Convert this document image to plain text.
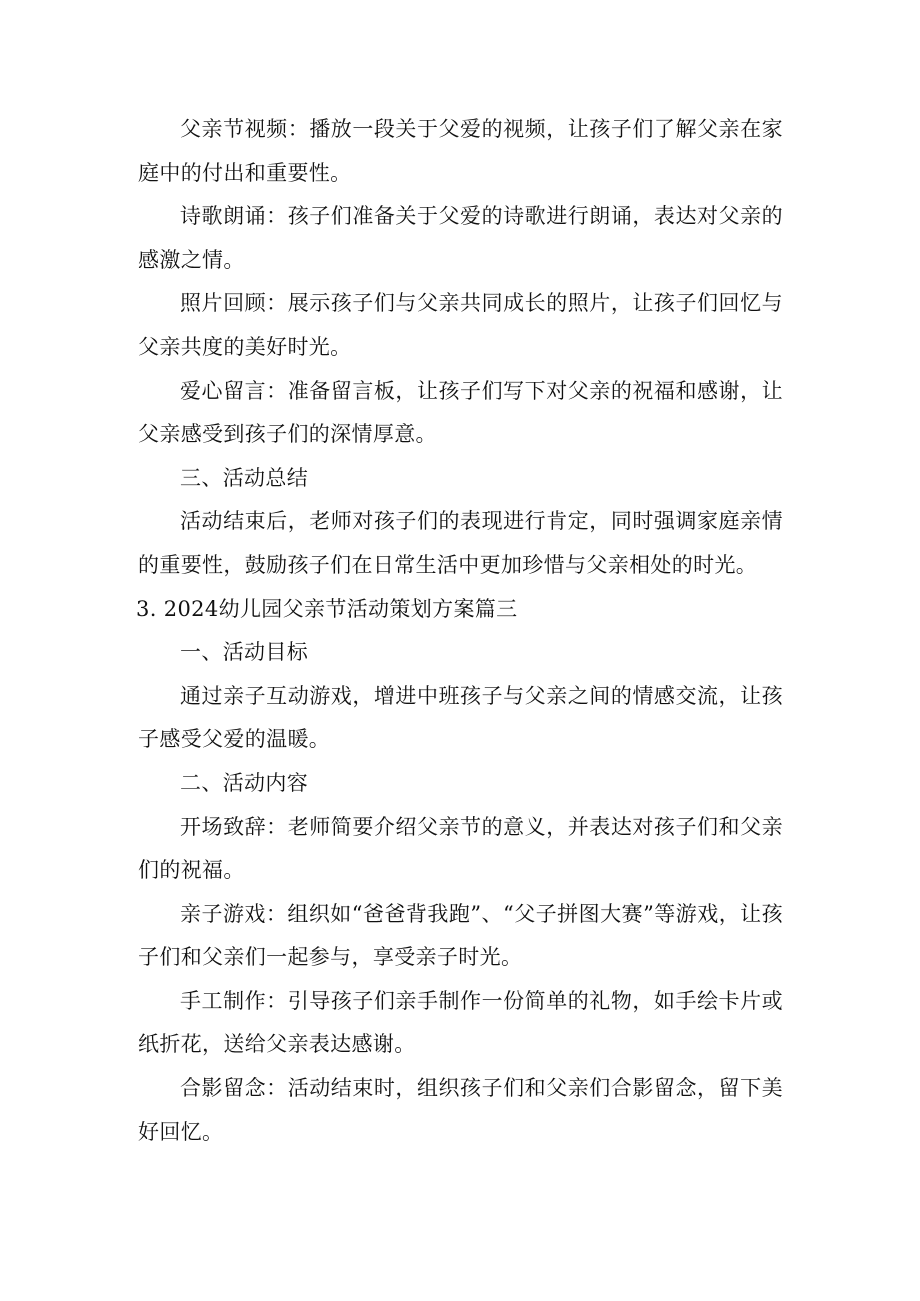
父亲节视频：播放一段关于父爱的视频，让孩子们了解父亲在家庭中的付出和重要性。

诗歌朗诵：孩子们准备关于父爱的诗歌进行朗诵，表达对父亲的感激之情。

照片回顾：展示孩子们与父亲共同成长的照片，让孩子们回忆与父亲共度的美好时光。

爱心留言：准备留言板，让孩子们写下对父亲的祝福和感谢，让父亲感受到孩子们的深情厚意。

三、活动总结

活动结束后，老师对孩子们的表现进行肯定，同时强调家庭亲情的重要性，鼓励孩子们在日常生活中更加珍惜与父亲相处的时光。

3. 2024幼儿园父亲节活动策划方案篇三

一、活动目标

通过亲子互动游戏，增进中班孩子与父亲之间的情感交流，让孩子感受父爱的温暖。

二、活动内容

开场致辞：老师简要介绍父亲节的意义，并表达对孩子们和父亲们的祝福。

亲子游戏：组织如“爸爸背我跑”、“父子拼图大赛”等游戏，让孩子们和父亲们一起参与，享受亲子时光。

手工制作：引导孩子们亲手制作一份简单的礼物，如手绘卡片或纸折花，送给父亲表达感谢。

合影留念：活动结束时，组织孩子们和父亲们合影留念，留下美好回忆。
